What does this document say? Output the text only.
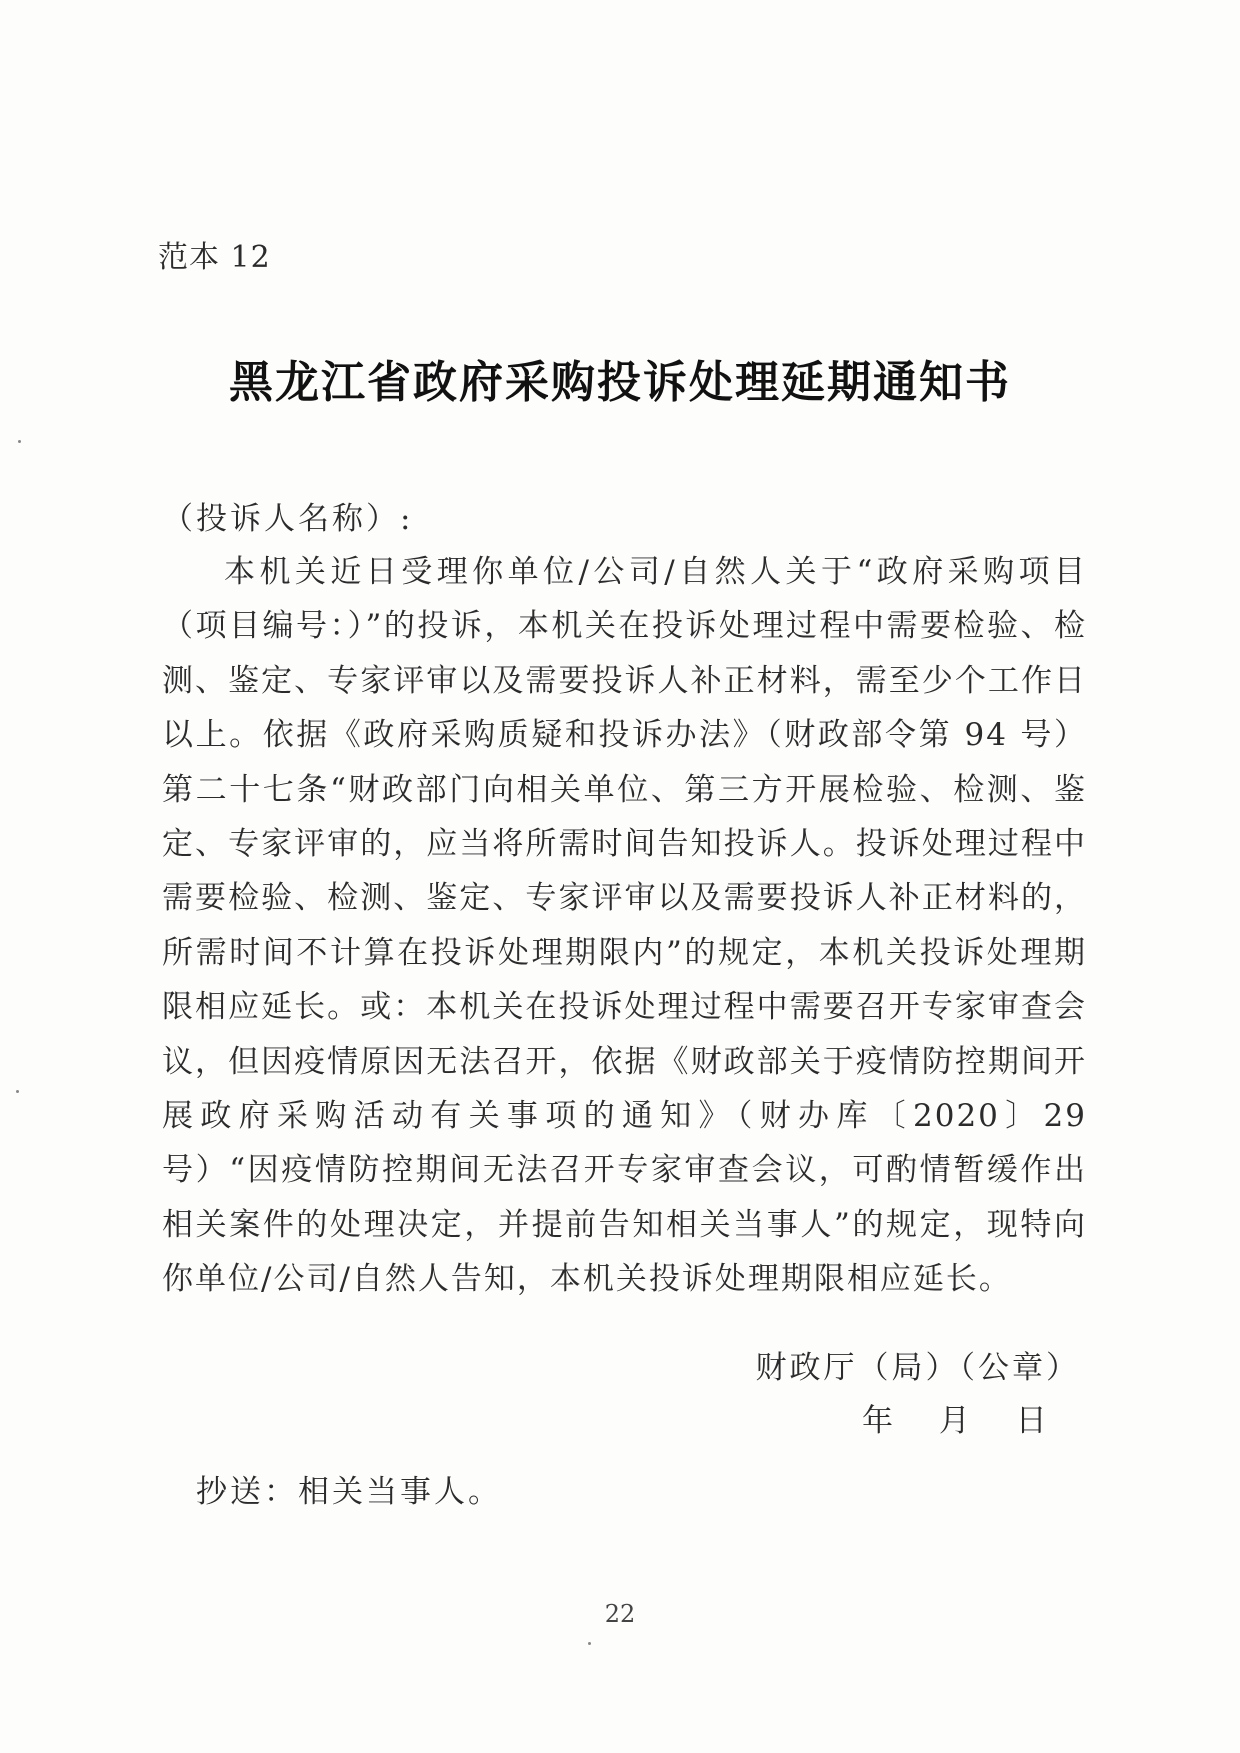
范本 12
黑龙江省政府采购投诉处理延期通知书
（投诉人名称）:

本机关近日受理你单位/公司/自然人关于“政府采购项目（项目编号：）”的投诉，本机关在投诉处理过程中需要检验、检测、鉴定、专家评审以及需要投诉人补正材料，需至少个工作日以上。依据《政府采购质疑和投诉办法》（财政部令第 94 号）第二十七条“财政部门向相关单位、第三方开展检验、检测、鉴定、专家评审的，应当将所需时间告知投诉人。投诉处理过程中需要检验、检测、鉴定、专家评审以及需要投诉人补正材料的，所需时间不计算在投诉处理期限内”的规定，本机关投诉处理期限相应延长。或：本机关在投诉处理过程中需要召开专家审查会议，但因疫情原因无法召开，依据《财政部关于疫情防控期间开展政府采购活动有关事项的通知》（财办库〔2020〕29 号）“因疫情防控期间无法召开专家审查会议，可酌情暂缓作出相关案件的处理决定，并提前告知相关当事人”的规定，现特向你单位/公司/自然人告知，本机关投诉处理期限相应延长。

财政厅（局）（公章）
年 月 日
抄送：相关当事人。
22
